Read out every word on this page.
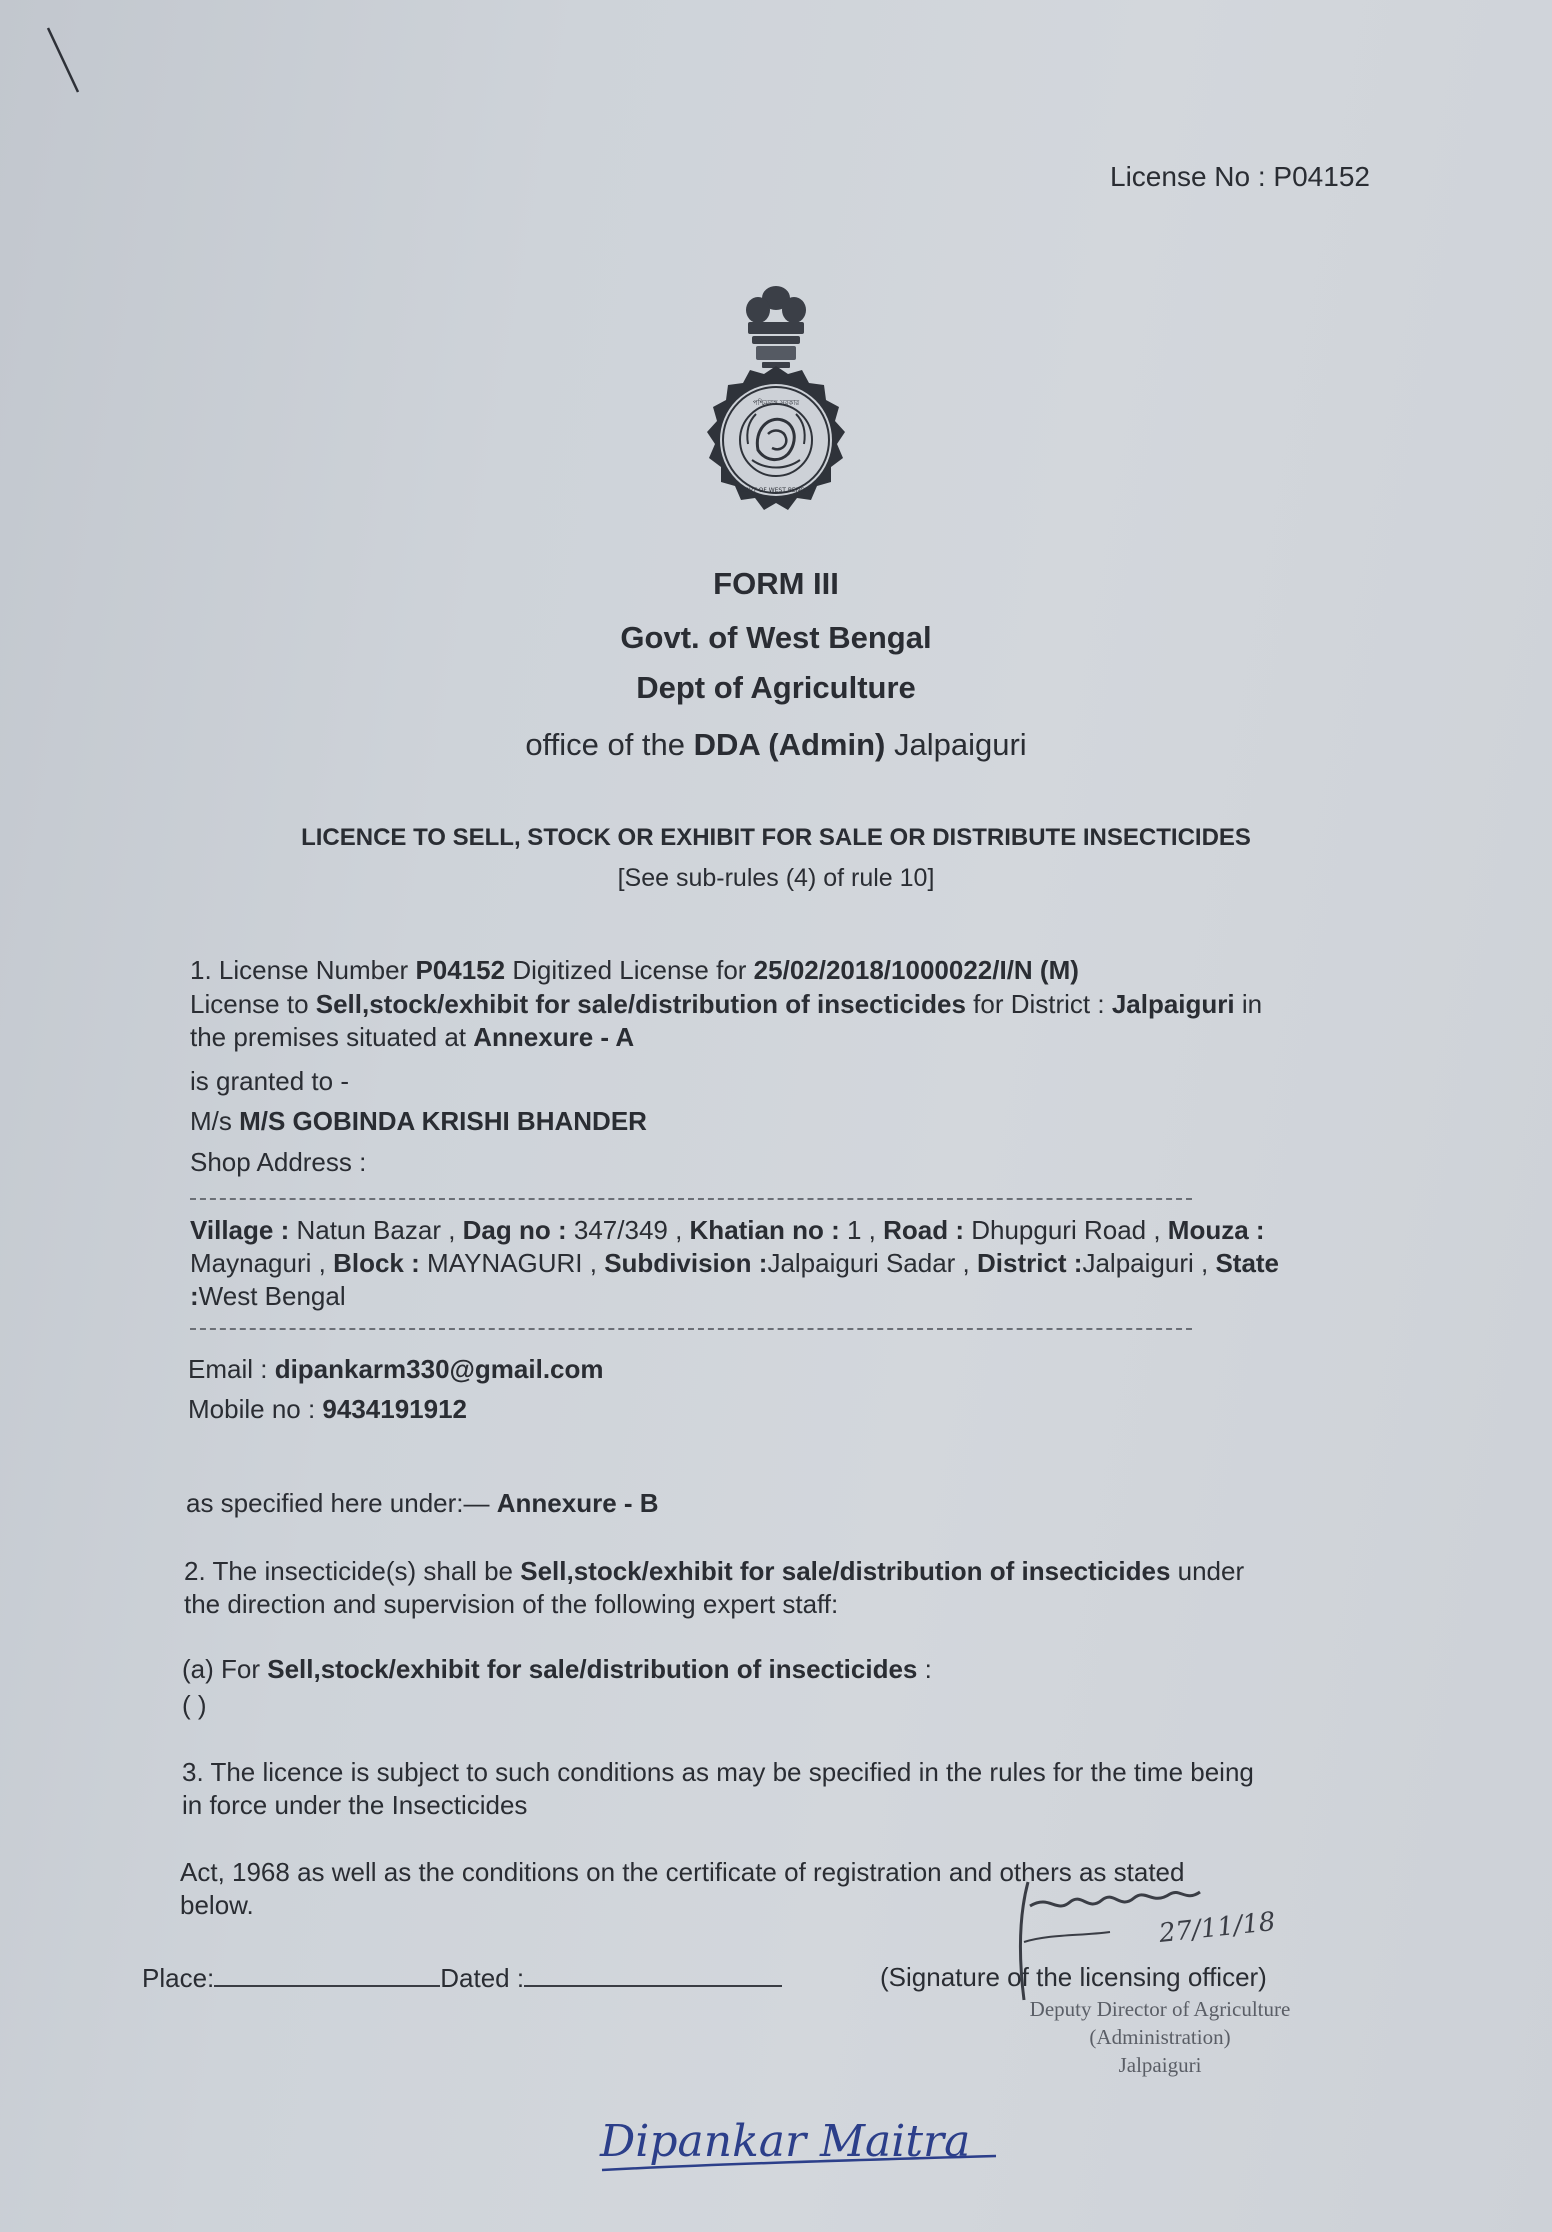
License No : P04152
পশ্চিমবঙ্গ সরকার
GOVT OF WEST BENGAL
FORM III
Govt. of West Bengal
Dept of Agriculture
office of the DDA (Admin) Jalpaiguri
LICENCE TO SELL, STOCK OR EXHIBIT FOR SALE OR DISTRIBUTE INSECTICIDES
[See sub-rules (4) of rule 10]
1. License Number P04152 Digitized License for 25/02/2018/1000022/I/N (M)
License to Sell,stock/exhibit for sale/distribution of insecticides for District : Jalpaiguri in
the premises situated at Annexure - A
is granted to -
M/s M/S GOBINDA KRISHI BHANDER
Shop Address :
Village : Natun Bazar , Dag no : 347/349 , Khatian no : 1 , Road : Dhupguri Road , Mouza :
Maynaguri , Block : MAYNAGURI , Subdivision :Jalpaiguri Sadar , District :Jalpaiguri , State
:West Bengal
Email : dipankarm330@gmail.com
Mobile no : 9434191912
as specified here under:— Annexure - B
2. The insecticide(s) shall be Sell,stock/exhibit for sale/distribution of insecticides under
the direction and supervision of the following expert staff:
(a) For Sell,stock/exhibit for sale/distribution of insecticides :
( )
3. The licence is subject to such conditions as may be specified in the rules for the time being
in force under the Insecticides
Act, 1968 as well as the conditions on the certificate of registration and others as stated
below.
Place:	Dated :	(Signature of the licensing officer)
27/11/18
Deputy Director of Agriculture
(Administration)
Jalpaiguri
Dipankar Maitra
